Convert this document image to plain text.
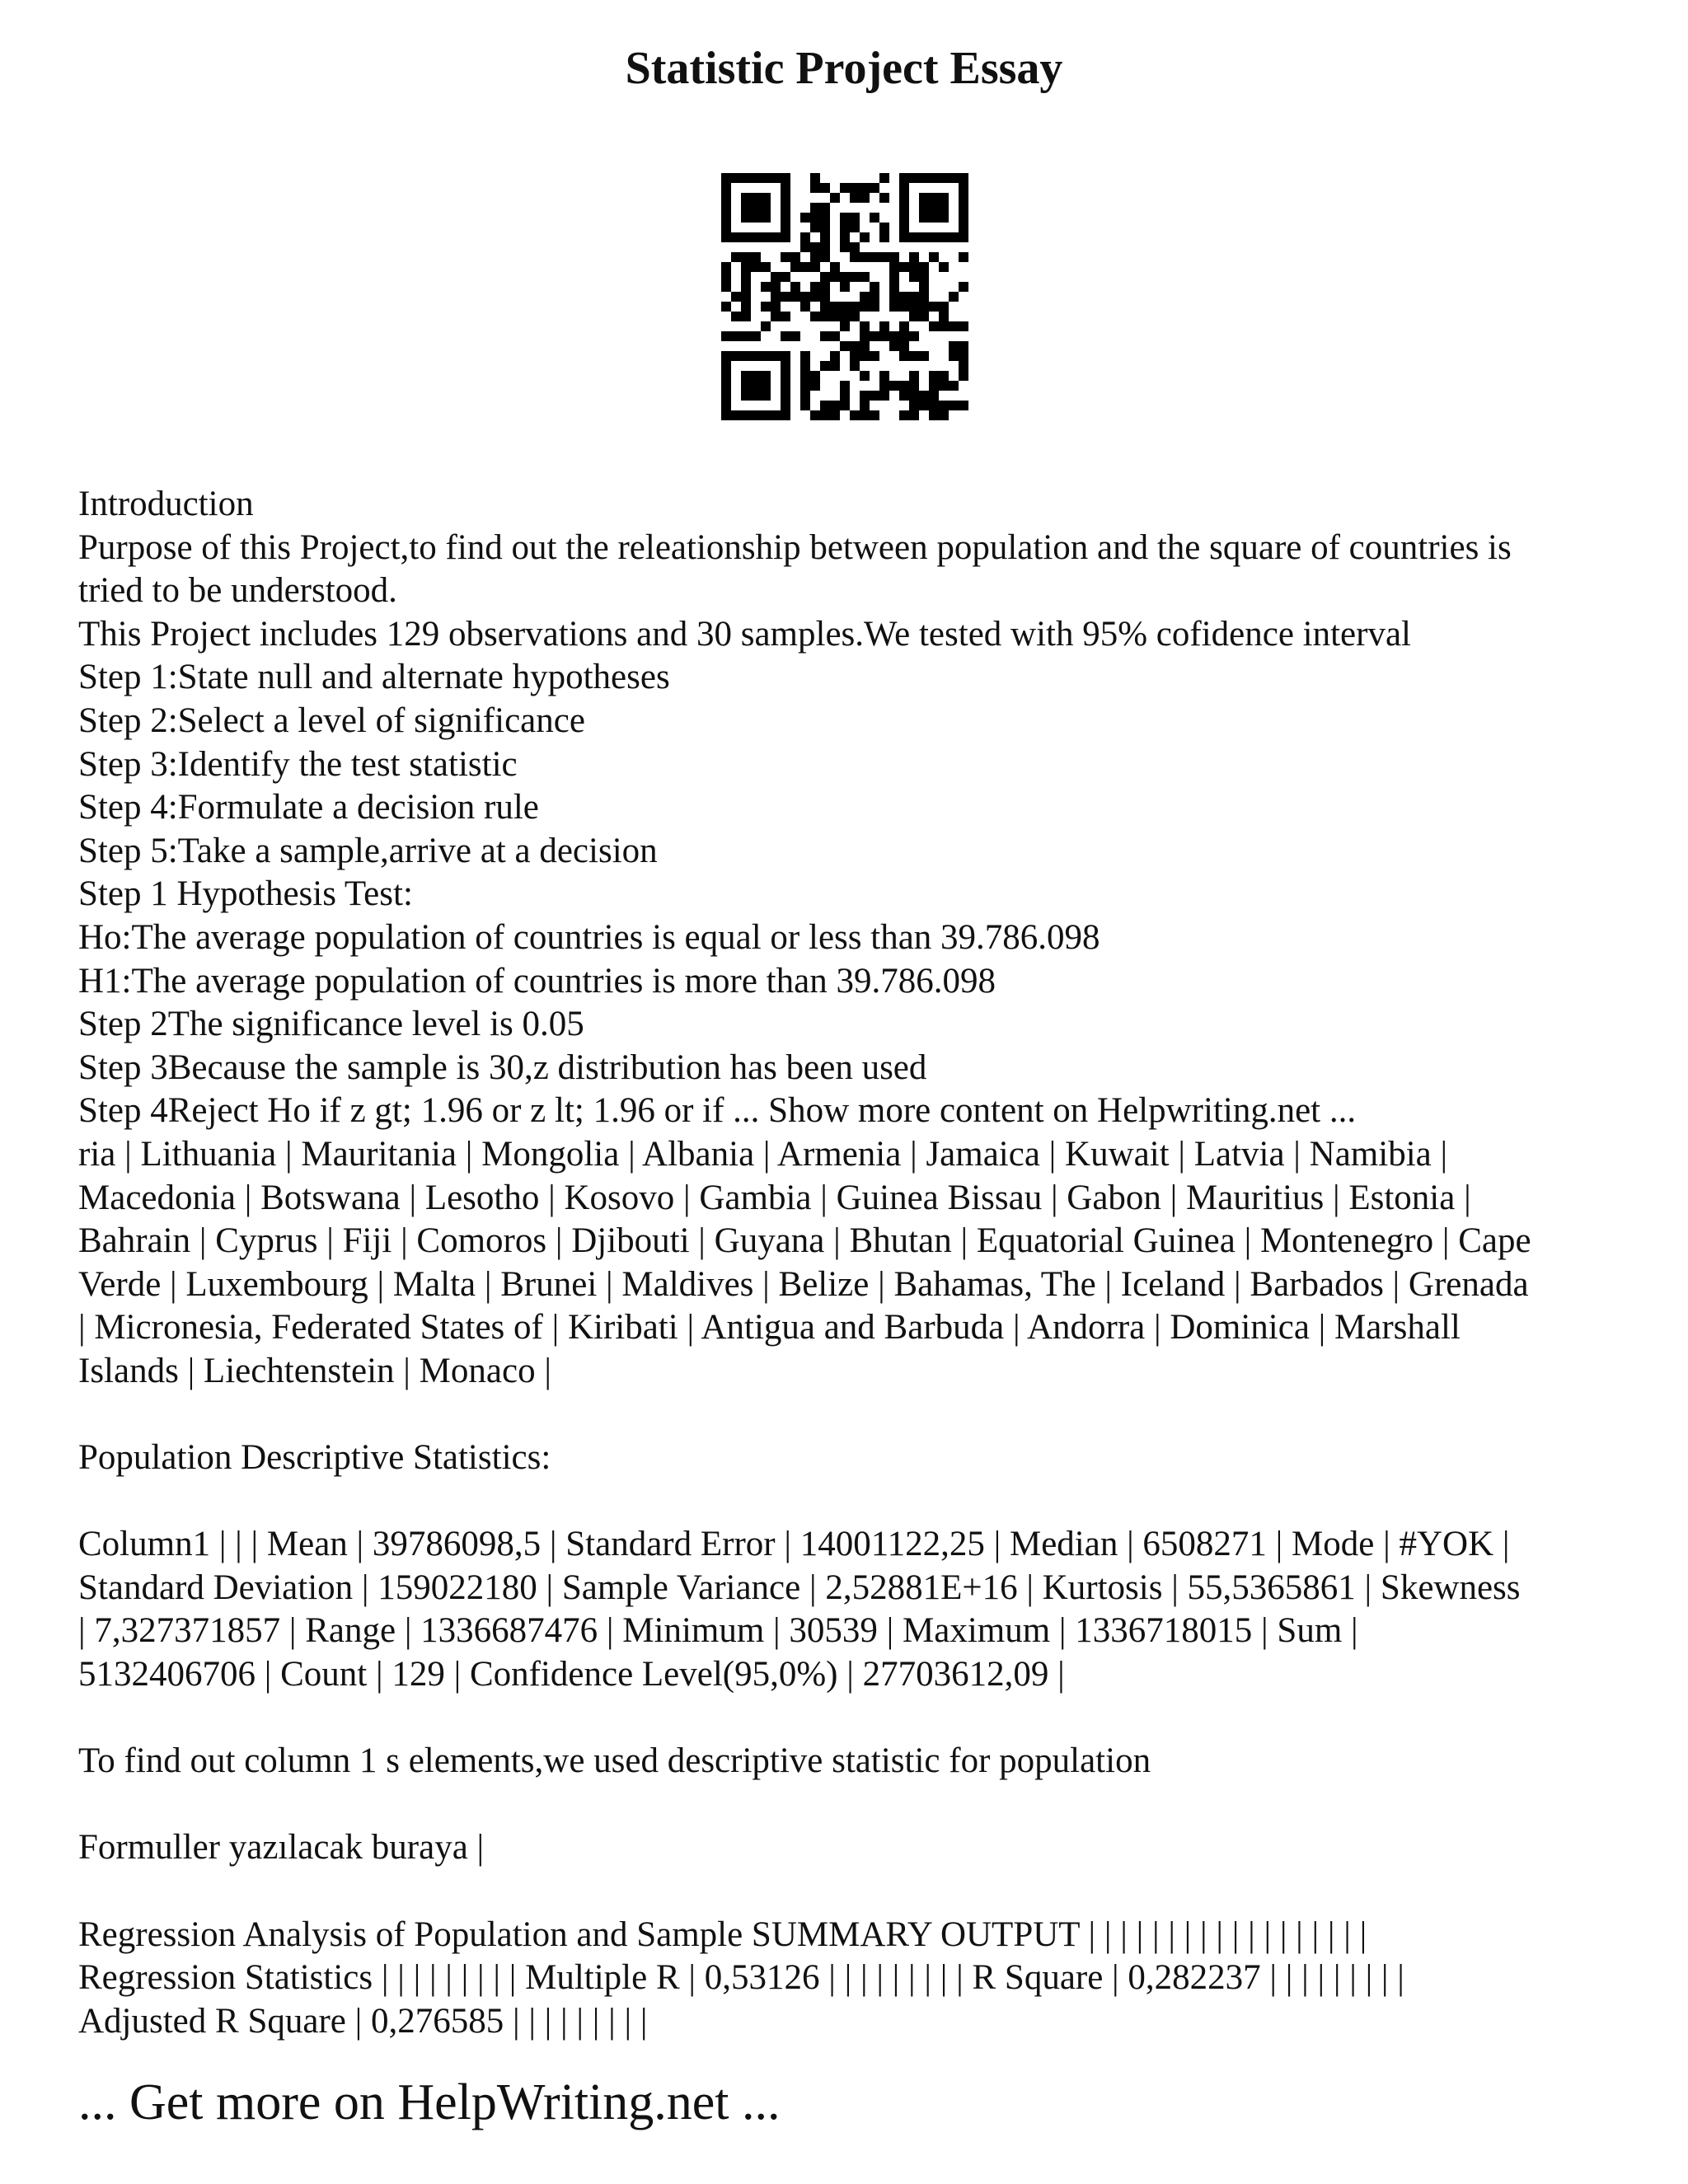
Statistic Project Essay
Introduction
Purpose of this Project,to find out the releationship between population and the square of countries is
tried to be understood.
This Project includes 129 observations and 30 samples.We tested with 95% cofidence interval
Step 1:State null and alternate hypotheses
Step 2:Select a level of significance
Step 3:Identify the test statistic
Step 4:Formulate a decision rule
Step 5:Take a sample,arrive at a decision
Step 1 Hypothesis Test:
Ho:The average population of countries is equal or less than 39.786.098
H1:The average population of countries is more than 39.786.098
Step 2The significance level is 0.05
Step 3Because the sample is 30,z distribution has been used
Step 4Reject Ho if z gt; 1.96 or z lt; 1.96 or if ... Show more content on Helpwriting.net ...
ria | Lithuania | Mauritania | Mongolia | Albania | Armenia | Jamaica | Kuwait | Latvia | Namibia |
Macedonia | Botswana | Lesotho | Kosovo | Gambia | Guinea Bissau | Gabon | Mauritius | Estonia |
Bahrain | Cyprus | Fiji | Comoros | Djibouti | Guyana | Bhutan | Equatorial Guinea | Montenegro | Cape
Verde | Luxembourg | Malta | Brunei | Maldives | Belize | Bahamas, The | Iceland | Barbados | Grenada
| Micronesia, Federated States of | Kiribati | Antigua and Barbuda | Andorra | Dominica | Marshall
Islands | Liechtenstein | Monaco |
Population Descriptive Statistics:
Column1 | | | Mean | 39786098,5 | Standard Error | 14001122,25 | Median | 6508271 | Mode | #YOK |
Standard Deviation | 159022180 | Sample Variance | 2,52881E+16 | Kurtosis | 55,5365861 | Skewness
| 7,327371857 | Range | 1336687476 | Minimum | 30539 | Maximum | 1336718015 | Sum |
5132406706 | Count | 129 | Confidence Level(95,0%) | 27703612,09 |
To find out column 1 s elements,we used descriptive statistic for population
Formuller yazılacak buraya |
Regression Analysis of Population and Sample SUMMARY OUTPUT | | | | | | | | | | | | | | | | | |
Regression Statistics | | | | | | | | | Multiple R | 0,53126 | | | | | | | | | R Square | 0,282237 | | | | | | | | |
Adjusted R Square | 0,276585 | | | | | | | | |
... Get more on HelpWriting.net ...
